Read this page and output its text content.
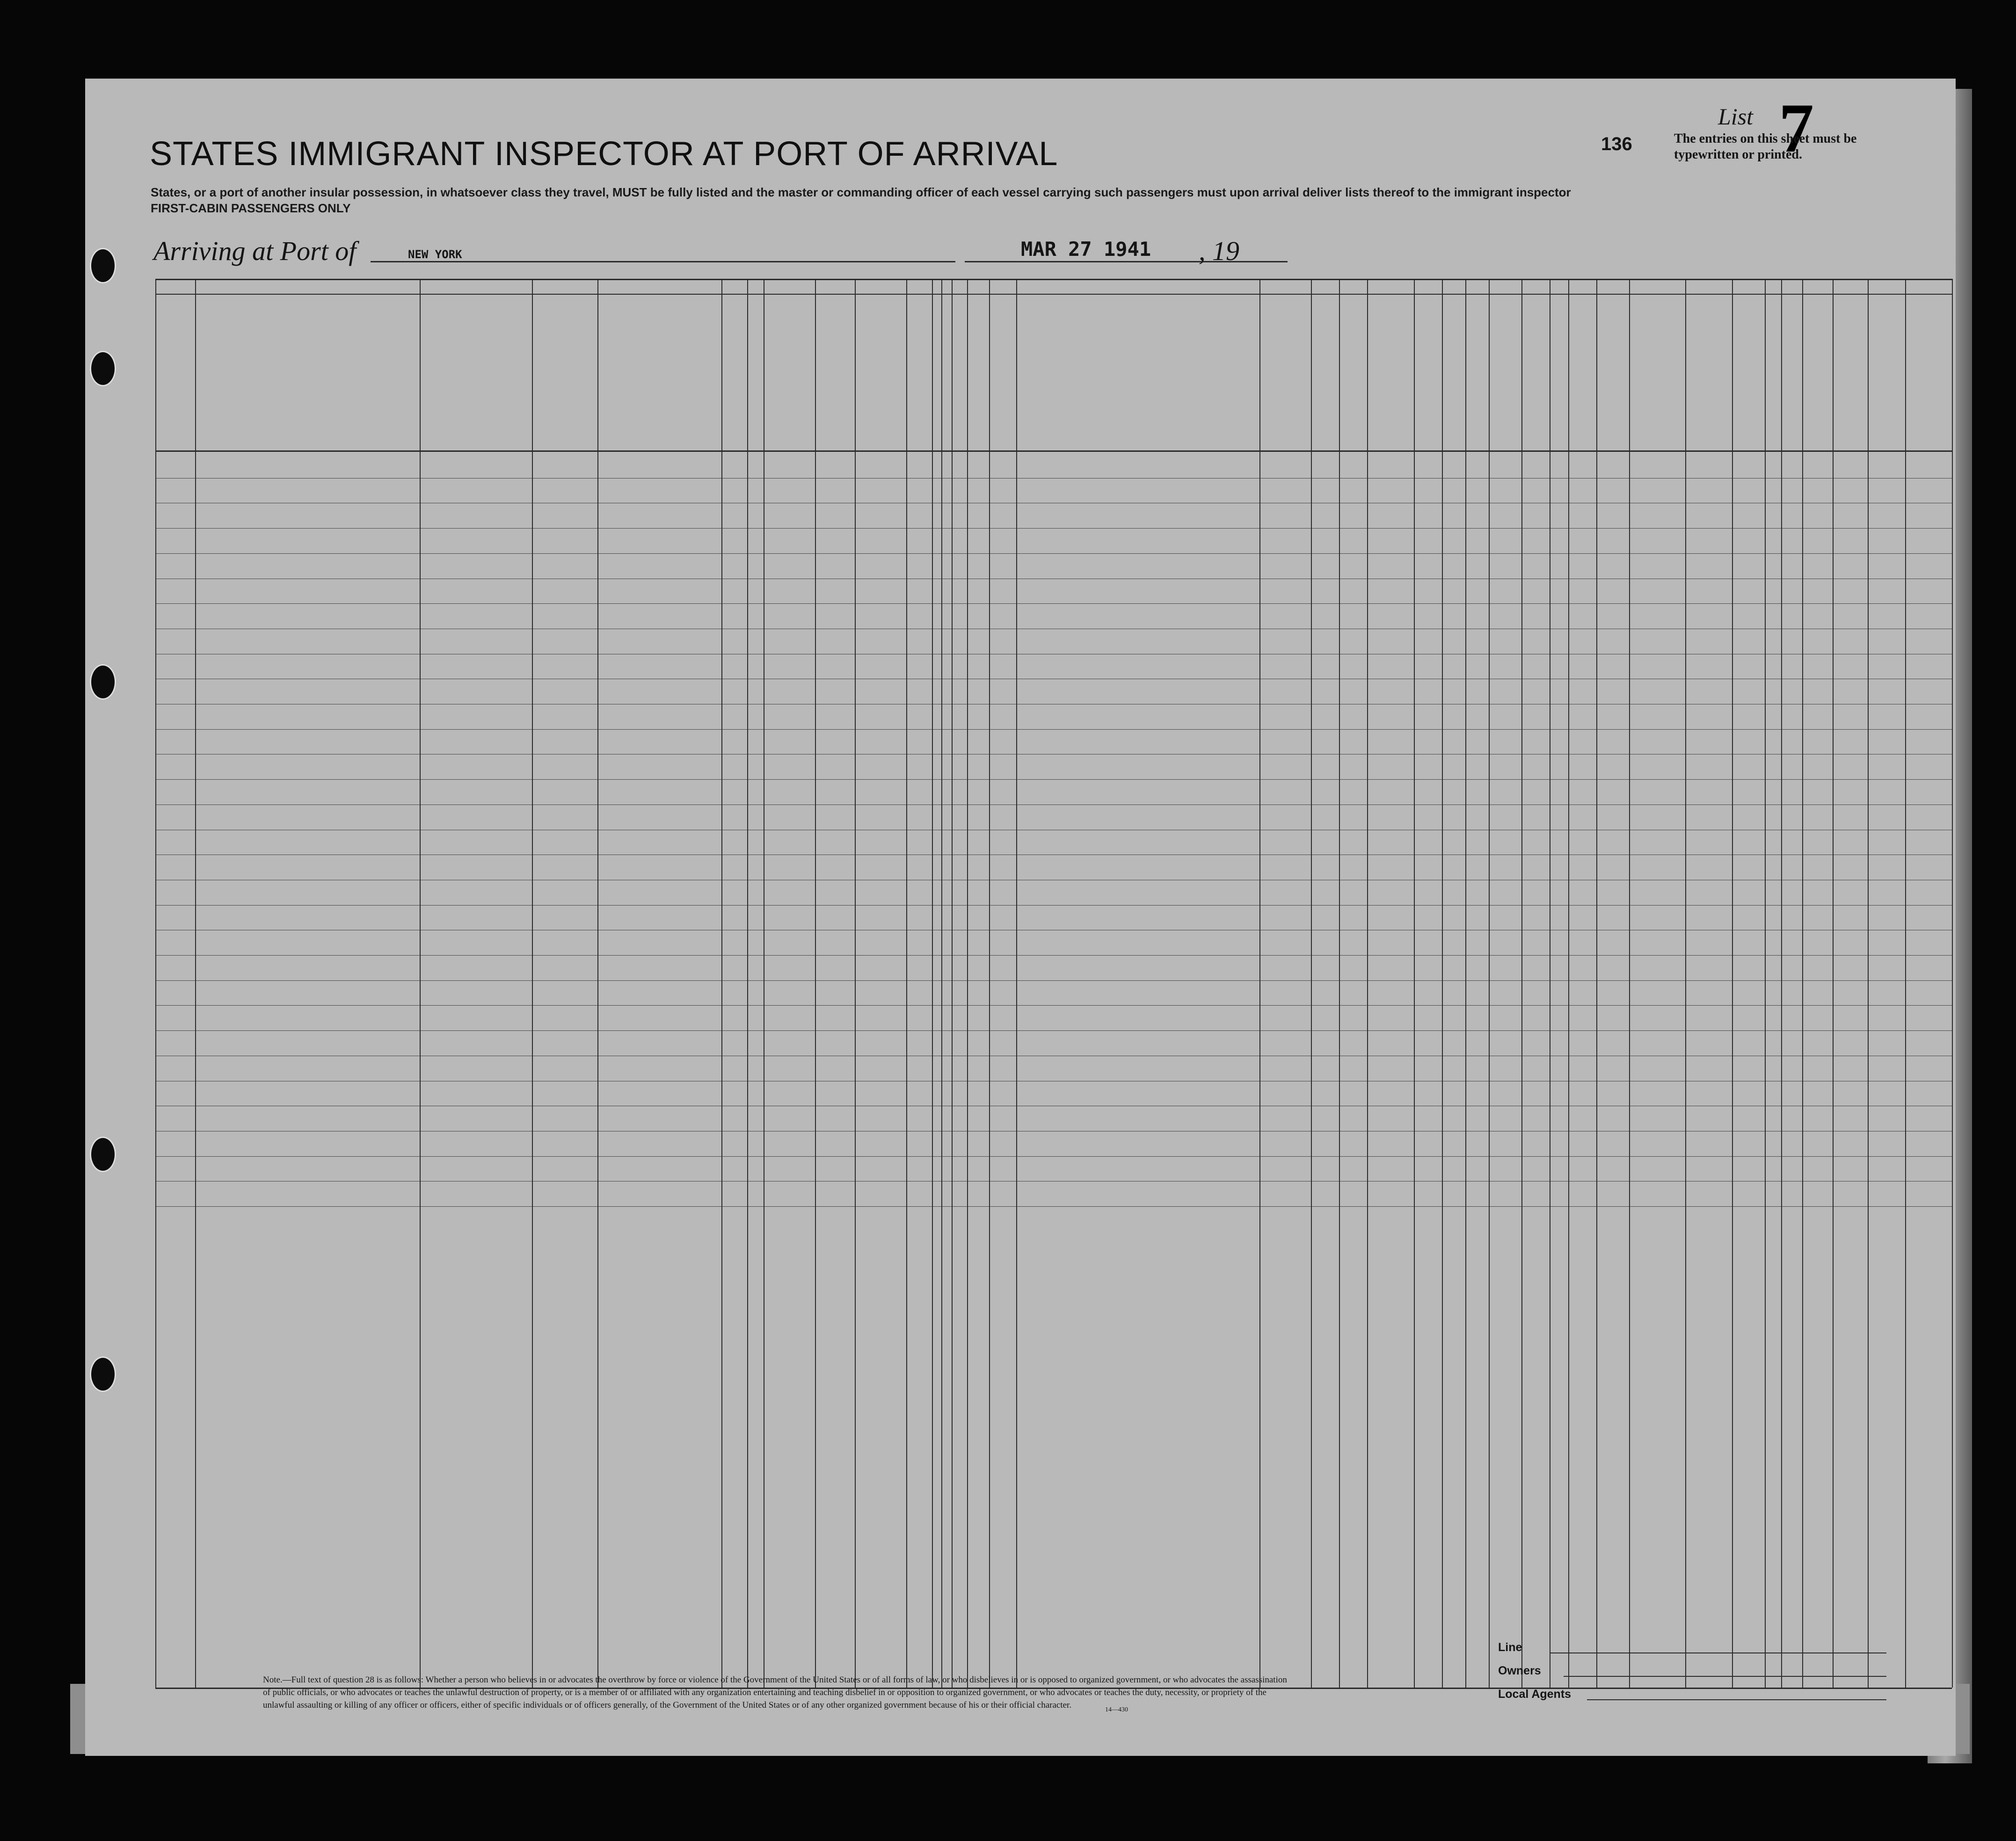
STATES IMMIGRANT INSPECTOR AT PORT OF ARRIVAL
States, or a port of another insular possession, in whatsoever class they travel, MUST be fully listed and the master or commanding officer of each vessel carrying such passengers must upon arrival deliver lists thereof to the immigrant inspector
FIRST-CABIN PASSENGERS ONLY
Arriving at Port of	NEW YORK	MAR 27 1941 , 19
List 7
136	The entries on this sheet must be typewritten or printed.
Note.—Full text of question 28 is as follows: Whether a person who believes in or advocates the overthrow by force or violence of the Government of the United States or of all forms of law, or who disbelieves in or is opposed to organized government, or who advocates the assassination of public officials, or who advocates or teaches the unlawful destruction of property, or is a member of or affiliated with any organization entertaining and teaching disbelief in or opposition to organized government, or who advocates or teaches the duty, necessity, or propriety of the unlawful assaulting or killing of any officer or officers, either of specific individuals or of officers generally, of the Government of the United States or of any other organized government because of his or their official character.	14—430
Line
Owners
Local Agents
